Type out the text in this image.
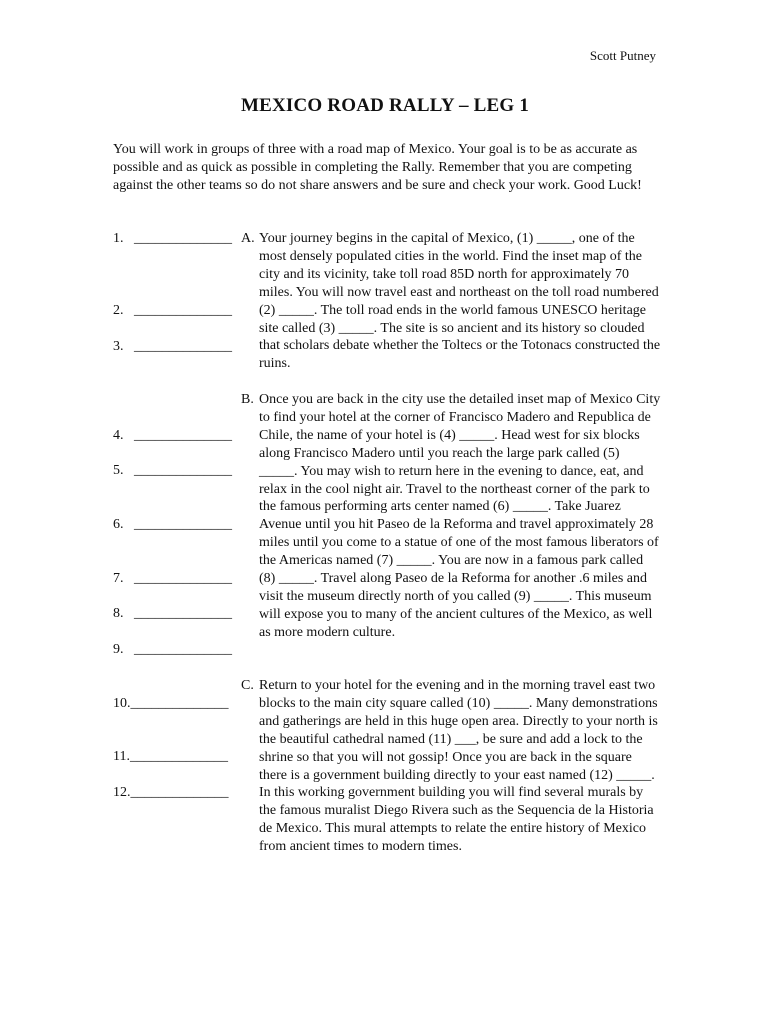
Scott Putney
MEXICO ROAD RALLY – LEG 1
You will work in groups of three with a road map of Mexico. Your goal is to be as accurate as possible and as quick as possible in completing the Rally. Remember that you are competing against the other teams so do not share answers and be sure and check your work. Good Luck!
1.   ______________
2.   ______________
3.   ______________
4.   ______________
5.   ______________
6.   ______________
7.   ______________
8.   ______________
9.   ______________
10.______________
11.______________
12.______________
A. Your journey begins in the capital of Mexico, (1) _____, one of the most densely populated cities in the world. Find the inset map of the city and its vicinity, take toll road 85D north for approximately 70 miles. You will now travel east and northeast on the toll road numbered (2) _____. The toll road ends in the world famous UNESCO heritage site called (3) _____. The site is so ancient and its history so clouded that scholars debate whether the Toltecs or the Totonacs constructed the ruins.
B. Once you are back in the city use the detailed inset map of Mexico City to find your hotel at the corner of Francisco Madero and Republica de Chile, the name of your hotel is (4) _____. Head west for six blocks along Francisco Madero until you reach the large park called (5) _____. You may wish to return here in the evening to dance, eat, and relax in the cool night air. Travel to the northeast corner of the park to the famous performing arts center named (6) _____. Take Juarez Avenue until you hit Paseo de la Reforma and travel approximately 28 miles until you come to a statue of one of the most famous liberators of the Americas named (7) _____. You are now in a famous park called (8) _____. Travel along Paseo de la Reforma for another .6 miles and visit the museum directly north of you called (9) _____. This museum will expose you to many of the ancient cultures of the Mexico, as well as more modern culture.
C. Return to your hotel for the evening and in the morning travel east two blocks to the main city square called (10) _____. Many demonstrations and gatherings are held in this huge open area. Directly to your north is the beautiful cathedral named (11) ___, be sure and add a lock to the shrine so that you will not gossip! Once you are back in the square there is a government building directly to your east named (12) _____. In this working government building you will find several murals by the famous muralist Diego Rivera such as the Sequencia de la Historia de Mexico. This mural attempts to relate the entire history of Mexico from ancient times to modern times.
